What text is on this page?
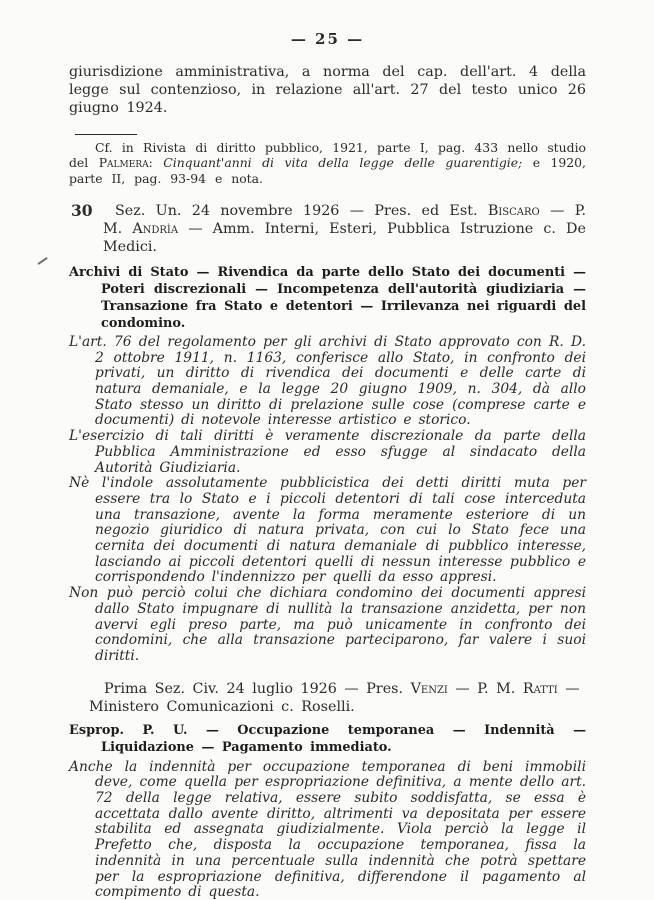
— 25 —

giurisdizione amministrativa, a norma del cap. dell'art. 4 della legge sul contenzioso, in relazione all'art. 27 del testo unico 26 giugno 1924.

Cf. in Rivista di diritto pubblico, 1921, parte I, pag. 433 nello studio del Palmera: Cinquant'anni di vita della legge delle guarentigie; e 1920, parte II, pag. 93-94 e nota.

30 Sez. Un. 24 novembre 1926 — Pres. ed Est. Biscaro — P. M. Andrìa — Amm. Interni, Esteri, Pubblica Istruzione c. De Medici.

Archivi di Stato — Rivendica da parte dello Stato dei documenti — Poteri discrezionali — Incompetenza dell'autorità giudiziaria — Transazione fra Stato e detentori — Irrilevanza nei riguardi del condomino.

L'art. 76 del regolamento per gli archivi di Stato approvato con R. D. 2 ottobre 1911, n. 1163, conferisce allo Stato, in confronto dei privati, un diritto di rivendica dei documenti e delle carte di natura demaniale, e la legge 20 giugno 1909, n. 304, dà allo Stato stesso un diritto di prelazione sulle cose (comprese carte e documenti) di notevole interesse artistico e storico.

L'esercizio di tali diritti è veramente discrezionale da parte della Pubblica Amministrazione ed esso sfugge al sindacato della Autorità Giudiziaria.

Nè l'indole assolutamente pubblicistica dei detti diritti muta per essere tra lo Stato e i piccoli detentori di tali cose interceduta una transazione, avente la forma meramente esteriore di un negozio giuridico di natura privata, con cui lo Stato fece una cernita dei documenti di natura demaniale di pubblico interesse, lasciando ai piccoli detentori quelli di nessun interesse pubblico e corrispondendo l'indennizzo per quelli da esso appresi.

Non può perciò colui che dichiara condomino dei documenti appresi dallo Stato impugnare di nullità la transazione anzidetta, per non avervi egli preso parte, ma può unicamente in confronto dei condomini, che alla transazione parteciparono, far valere i suoi diritti.

Prima Sez. Civ. 24 luglio 1926 — Pres. Venzi — P. M. Ratti — Ministero Comunicazioni c. Roselli.

Esprop. P. U. — Occupazione temporanea — Indennità — Liquidazione — Pagamento immediato.

Anche la indennità per occupazione temporanea di beni immobili deve, come quella per espropriazione definitiva, a mente dello art. 72 della legge relativa, essere subito soddisfatta, se essa è accettata dallo avente diritto, altrimenti va depositata per essere stabilita ed assegnata giudizialmente. Viola perciò la legge il Prefetto che, disposta la occupazione temporanea, fissa la indennità in una percentuale sulla indennità che potrà spettare per la espropriazione definitiva, differendone il pagamento al compimento di questa.
